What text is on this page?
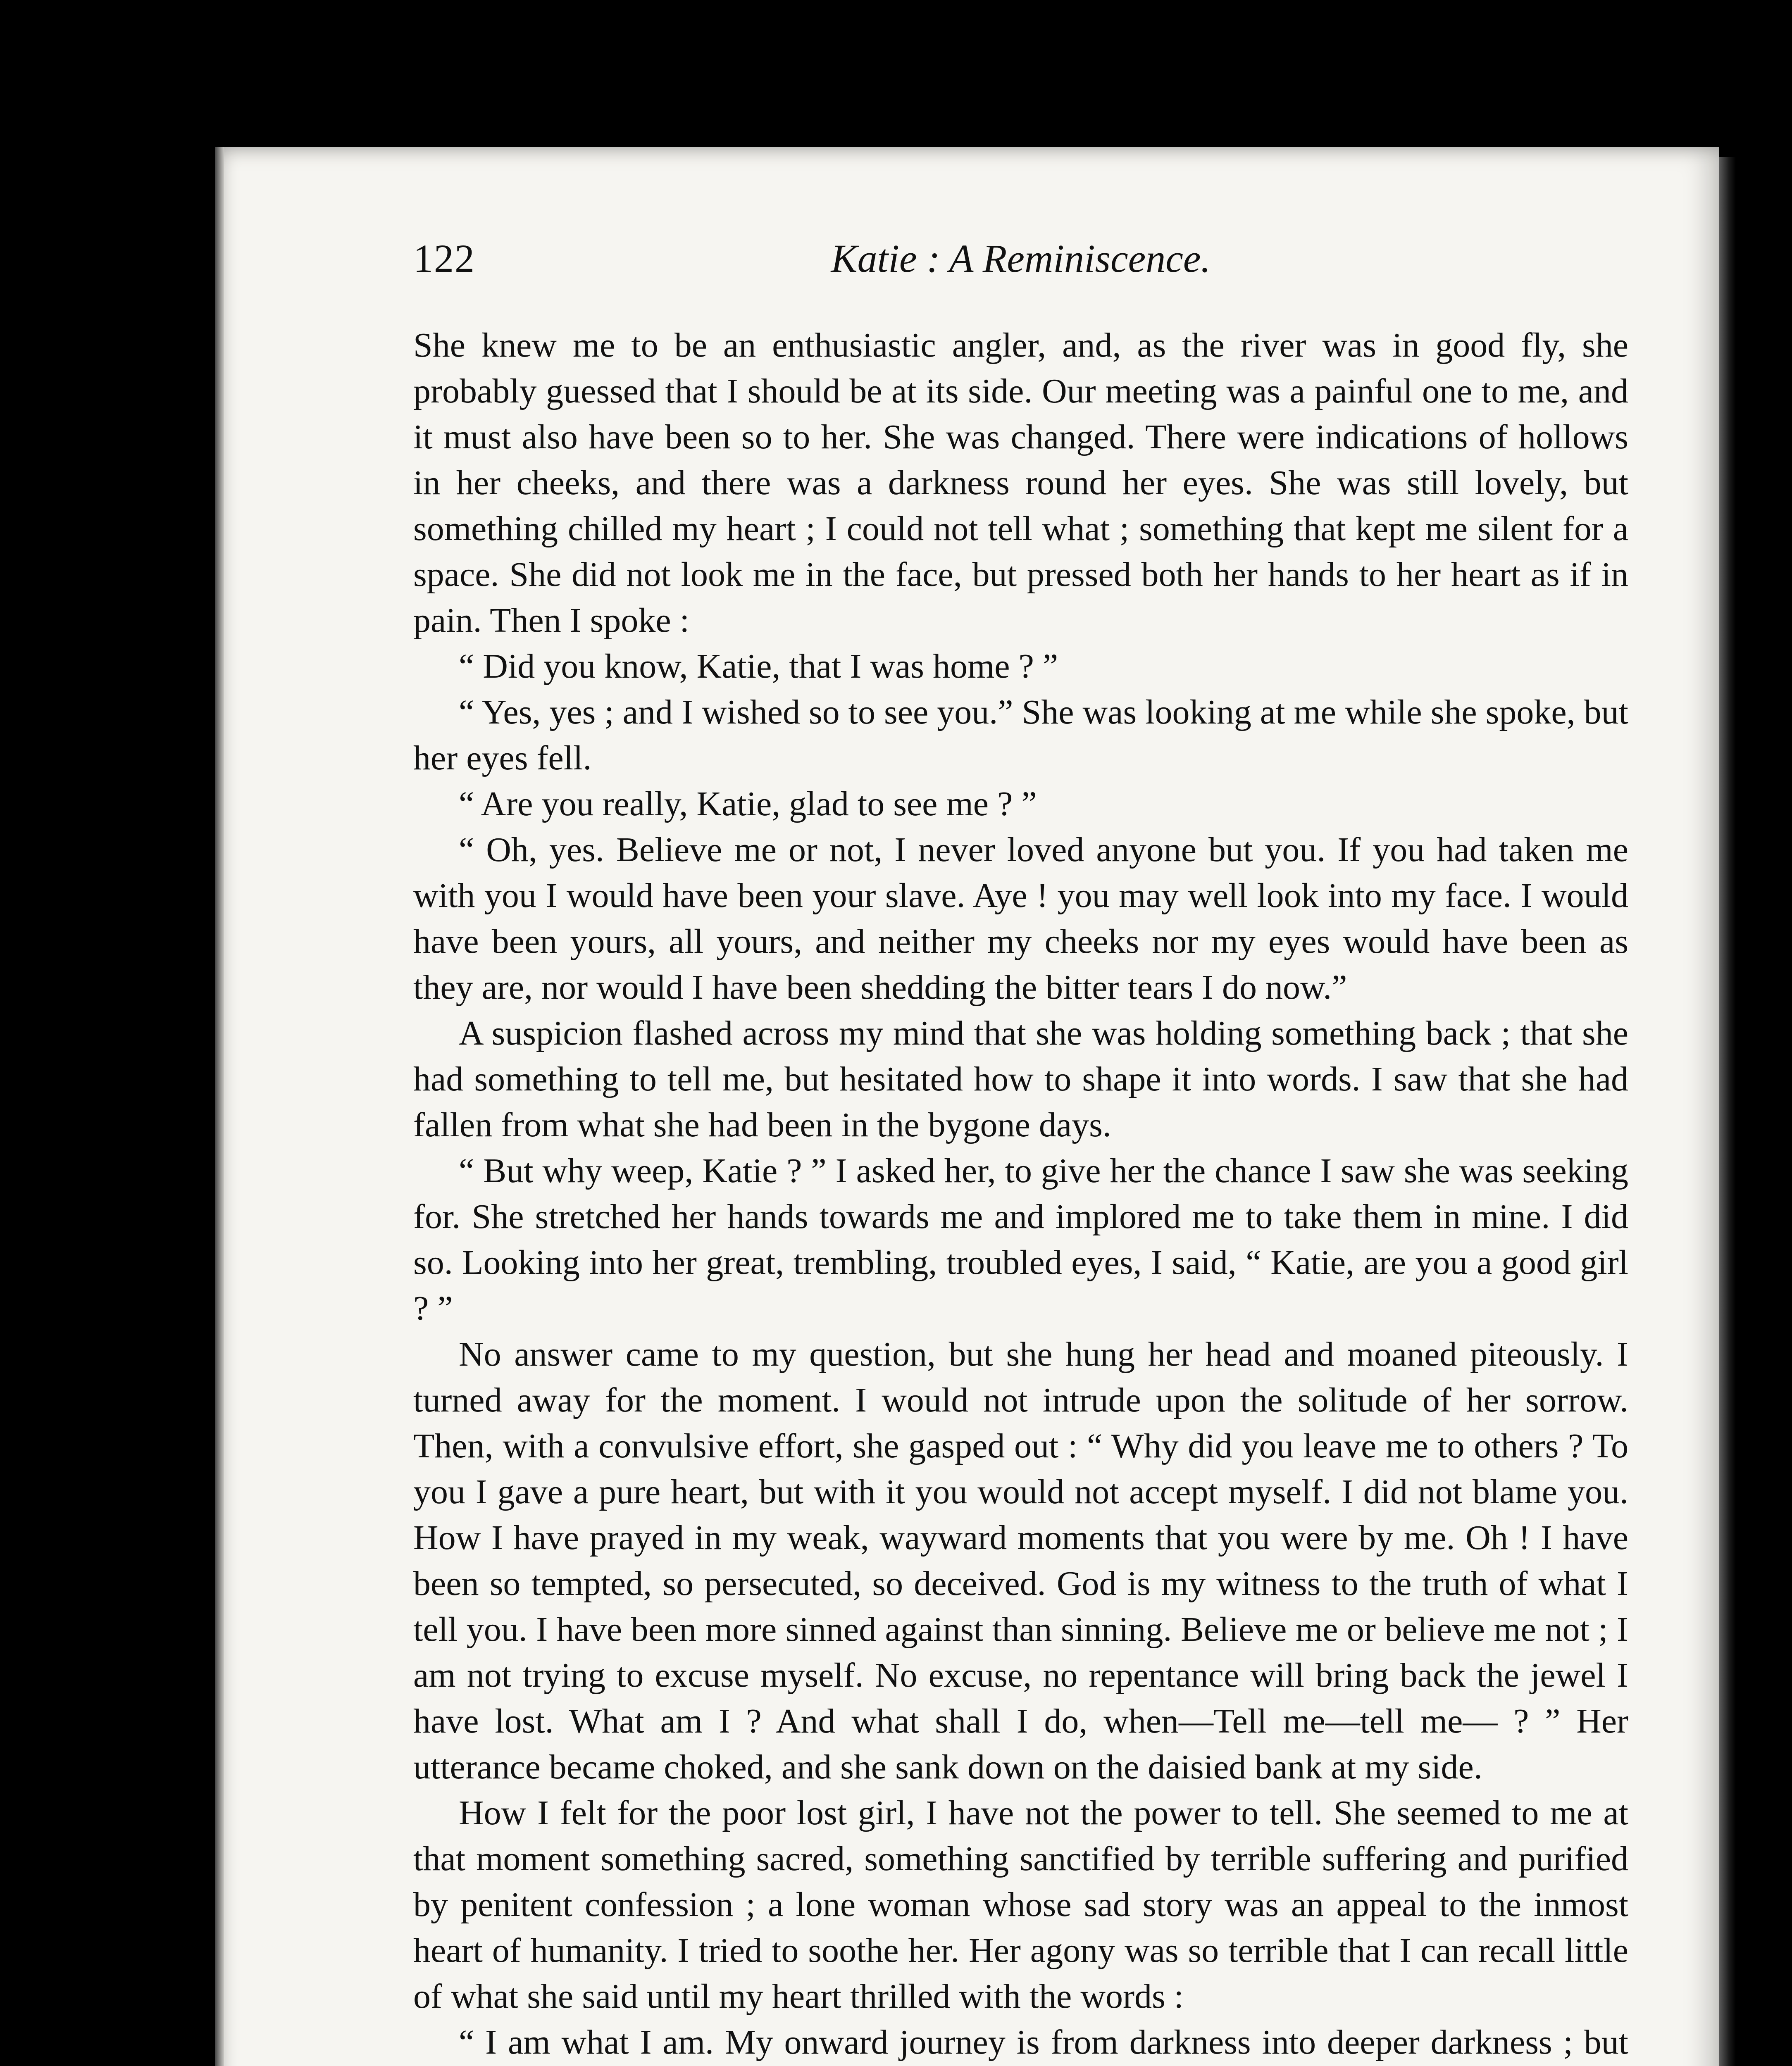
122	Katie : A Reminiscence.

She knew me to be an enthusiastic angler, and, as the river was in good fly, she probably guessed that I should be at its side. Our meeting was a painful one to me, and it must also have been so to her. She was changed. There were indications of hollows in her cheeks, and there was a darkness round her eyes. She was still lovely, but something chilled my heart ; I could not tell what ; something that kept me silent for a space. She did not look me in the face, but pressed both her hands to her heart as if in pain. Then I spoke :

“ Did you know, Katie, that I was home ? ”

“ Yes, yes ; and I wished so to see you.” She was looking at me while she spoke, but her eyes fell.

“ Are you really, Katie, glad to see me ? ”

“ Oh, yes. Believe me or not, I never loved anyone but you. If you had taken me with you I would have been your slave. Aye ! you may well look into my face. I would have been yours, all yours, and neither my cheeks nor my eyes would have been as they are, nor would I have been shedding the bitter tears I do now.”

A suspicion flashed across my mind that she was holding something back ; that she had something to tell me, but hesitated how to shape it into words. I saw that she had fallen from what she had been in the bygone days.

“ But why weep, Katie ? ” I asked her, to give her the chance I saw she was seeking for. She stretched her hands towards me and implored me to take them in mine. I did so. Looking into her great, trembling, troubled eyes, I said, “ Katie, are you a good girl ? ”

No answer came to my question, but she hung her head and moaned piteously. I turned away for the moment. I would not intrude upon the solitude of her sorrow. Then, with a convulsive effort, she gasped out : “ Why did you leave me to others ? To you I gave a pure heart, but with it you would not accept myself. I did not blame you. How I have prayed in my weak, wayward moments that you were by me. Oh ! I have been so tempted, so persecuted, so deceived. God is my witness to the truth of what I tell you. I have been more sinned against than sinning. Believe me or believe me not ; I am not trying to excuse myself. No excuse, no repentance will bring back the jewel I have lost. What am I ? And what shall I do, when—Tell me—tell me— ? ” Her utterance became choked, and she sank down on the daisied bank at my side.

How I felt for the poor lost girl, I have not the power to tell. She seemed to me at that moment something sacred, something sanctified by terrible suffering and purified by penitent confession ; a lone woman whose sad story was an appeal to the inmost heart of humanity. I tried to soothe her. Her agony was so terrible that I can recall little of what she said until my heart thrilled with the words :

“ I am what I am. My onward journey is from darkness into deeper darkness ; but
